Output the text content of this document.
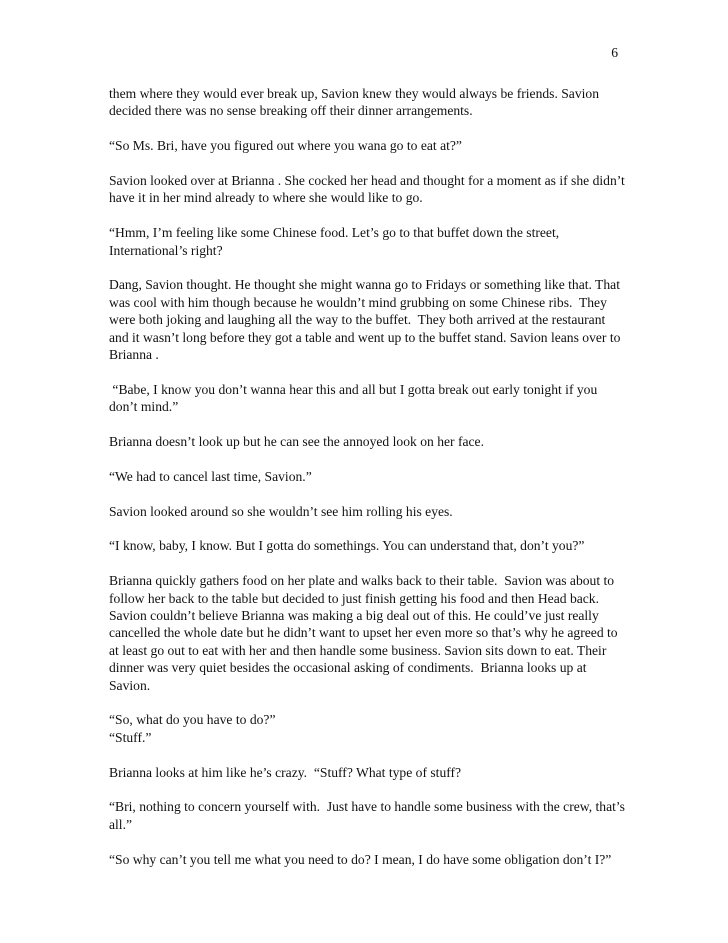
6

them where they would ever break up, Savion knew they would always be friends. Savion decided there was no sense breaking off their dinner arrangements.

“So Ms. Bri, have you figured out where you wana go to eat at?”

Savion looked over at Brianna . She cocked her head and thought for a moment as if she didn’t have it in her mind already to where she would like to go.

“Hmm, I’m feeling like some Chinese food. Let’s go to that buffet down the street, International’s right?

Dang, Savion thought. He thought she might wanna go to Fridays or something like that. That was cool with him though because he wouldn’t mind grubbing on some Chinese ribs.  They were both joking and laughing all the way to the buffet.  They both arrived at the restaurant and it wasn’t long before they got a table and went up to the buffet stand. Savion leans over to Brianna .

“Babe, I know you don’t wanna hear this and all but I gotta break out early tonight if you don’t mind.”

Brianna doesn’t look up but he can see the annoyed look on her face.

“We had to cancel last time, Savion.”

Savion looked around so she wouldn’t see him rolling his eyes.

“I know, baby, I know. But I gotta do somethings. You can understand that, don’t you?”

Brianna quickly gathers food on her plate and walks back to their table.  Savion was about to follow her back to the table but decided to just finish getting his food and then Head back.  Savion couldn’t believe Brianna was making a big deal out of this. He could’ve just really cancelled the whole date but he didn’t want to upset her even more so that’s why he agreed to at least go out to eat with her and then handle some business. Savion sits down to eat. Their dinner was very quiet besides the occasional asking of condiments.  Brianna looks up at Savion.

“So, what do you have to do?”

“Stuff.”

Brianna looks at him like he’s crazy.  “Stuff? What type of stuff?

“Bri, nothing to concern yourself with.  Just have to handle some business with the crew, that’s all.”

“So why can’t you tell me what you need to do? I mean, I do have some obligation don’t I?”
